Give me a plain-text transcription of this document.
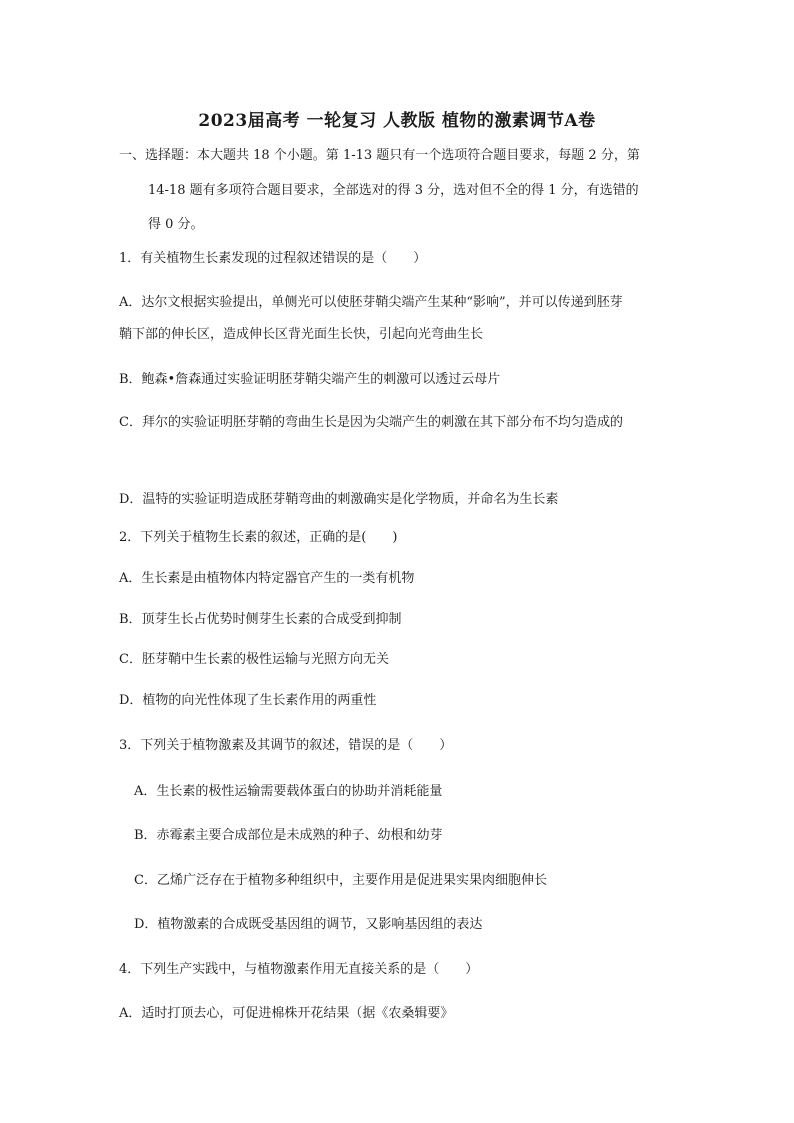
2023届高考 一轮复习 人教版 植物的激素调节A卷
一、选择题：本大题共 18 个小题。第 1-13 题只有一个选项符合题目要求，每题 2 分，第
14-18 题有多项符合题目要求，全部选对的得 3 分，选对但不全的得 1 分，有选错的
得 0 分。
1．有关植物生长素发现的过程叙述错误的是（　　）
A．达尔文根据实验提出，单侧光可以使胚芽鞘尖端产生某种“影响”，并可以传递到胚芽
鞘下部的伸长区，造成伸长区背光面生长快，引起向光弯曲生长
B．鲍森•詹森通过实验证明胚芽鞘尖端产生的刺激可以透过云母片
C．拜尔的实验证明胚芽鞘的弯曲生长是因为尖端产生的刺激在其下部分布不均匀造成的
D．温特的实验证明造成胚芽鞘弯曲的刺激确实是化学物质，并命名为生长素
2．下列关于植物生长素的叙述，正确的是(　　)
A．生长素是由植物体内特定器官产生的一类有机物
B．顶芽生长占优势时侧芽生长素的合成受到抑制
C．胚芽鞘中生长素的极性运输与光照方向无关
D．植物的向光性体现了生长素作用的两重性
3．下列关于植物激素及其调节的叙述，错误的是（　　）
A．生长素的极性运输需要载体蛋白的协助并消耗能量
B．赤霉素主要合成部位是未成熟的种子、幼根和幼芽
C．乙烯广泛存在于植物多种组织中，主要作用是促进果实果肉细胞伸长
D．植物激素的合成既受基因组的调节，又影响基因组的表达
4．下列生产实践中，与植物激素作用无直接关系的是（　　）
A．适时打顶去心，可促进棉株开花结果（据《农桑辑要》
